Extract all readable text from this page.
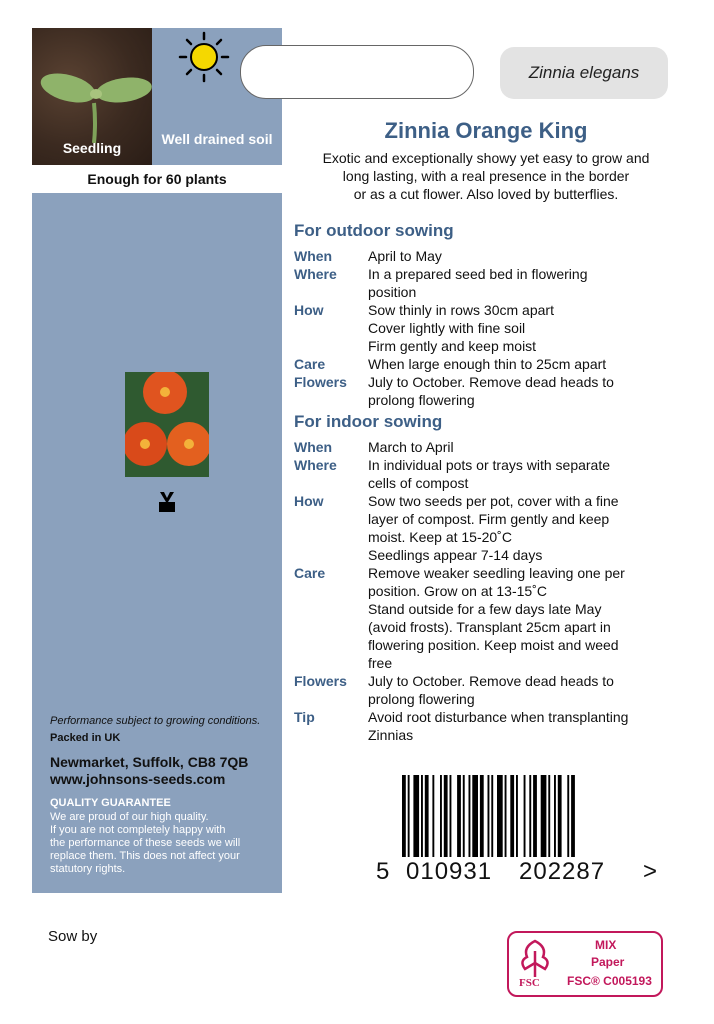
Seedling
Well drained soil
Enough for 60 plants
Performance subject to growing conditions.
Packed in UK
Newmarket, Suffolk, CB8 7QB
www.johnsons-seeds.com
QUALITY GUARANTEE
We are proud of our high quality.
If you are not completely happy with
the performance of these seeds we will
replace them. This does not affect your
statutory rights.
Zinnia elegans
Zinnia Orange King
Exotic and exceptionally showy yet easy to grow and
long lasting, with a real presence in the border
or as a cut flower. Also loved by butterflies.
For outdoor sowing
When	April to May
Where In a prepared seed bed in flowering
position
How	Sow thinly in rows 30cm apart
Cover lightly with fine soil
Firm gently and keep moist
Care	When large enough thin to 25cm apart
Flowers July to October. Remove dead heads to
prolong flowering
For indoor sowing
When	March to April
Where In individual pots or trays with separate
cells of compost
How	Sow two seeds per pot, cover with a fine
layer of compost. Firm gently and keep
moist. Keep at 15-20˚C
Seedlings appear 7-14 days
Care	Remove weaker seedling leaving one per
position. Grow on at 13-15˚C
Stand outside for a few days late May
(avoid frosts). Transplant 25cm apart in
flowering position. Keep moist and weed
free
Flowers July to October. Remove dead heads to
prolong flowering
Tip	Avoid root disturbance when transplanting
Zinnias
5 010931 202287 >
Sow by
FSC
MIX
Paper
FSC® C005193
